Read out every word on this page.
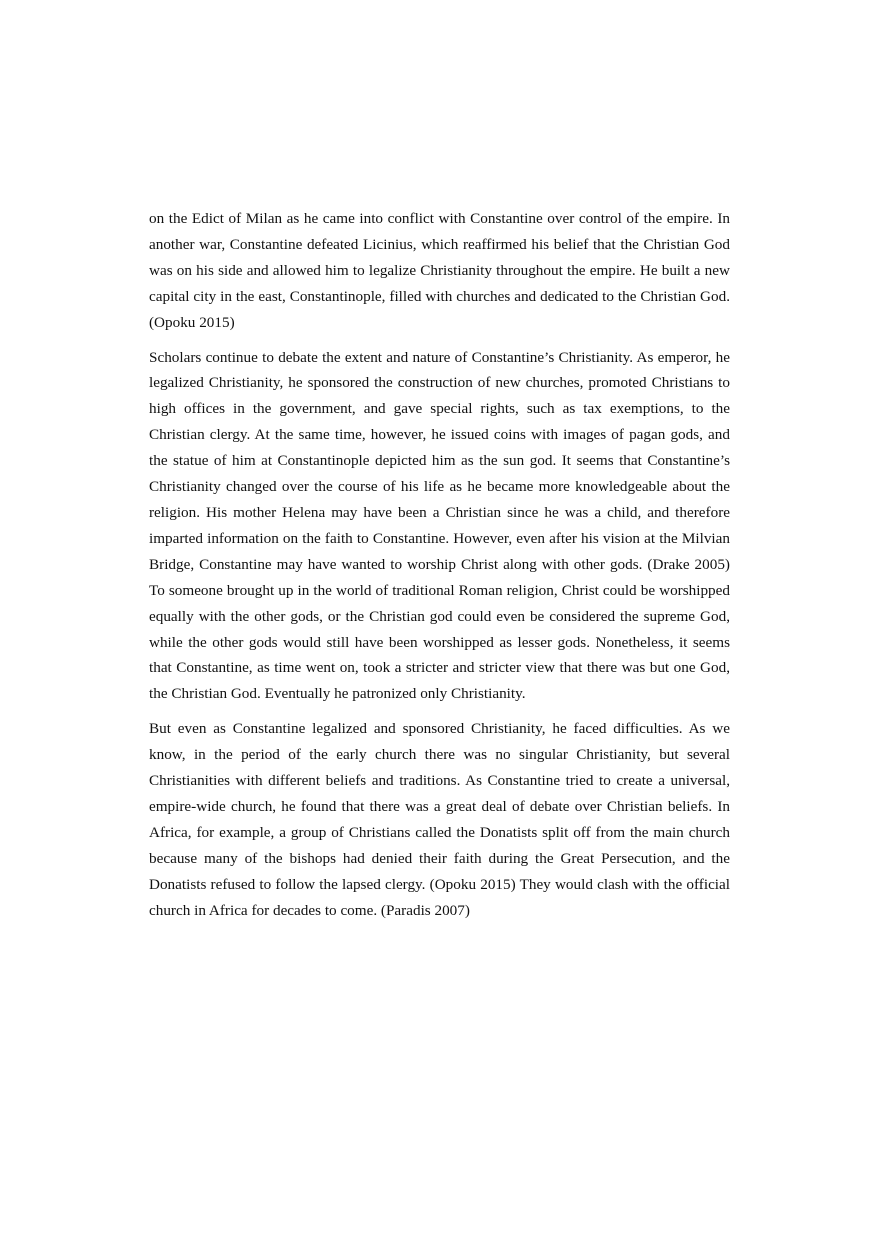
on the Edict of Milan as he came into conflict with Constantine over control of the empire. In another war, Constantine defeated Licinius, which reaffirmed his belief that the Christian God was on his side and allowed him to legalize Christianity throughout the empire. He built a new capital city in the east, Constantinople, filled with churches and dedicated to the Christian God. (Opoku 2015)

Scholars continue to debate the extent and nature of Constantine’s Christianity. As emperor, he legalized Christianity, he sponsored the construction of new churches, promoted Christians to high offices in the government, and gave special rights, such as tax exemptions, to the Christian clergy. At the same time, however, he issued coins with images of pagan gods, and the statue of him at Constantinople depicted him as the sun god. It seems that Constantine’s Christianity changed over the course of his life as he became more knowledgeable about the religion. His mother Helena may have been a Christian since he was a child, and therefore imparted information on the faith to Constantine. However, even after his vision at the Milvian Bridge, Constantine may have wanted to worship Christ along with other gods. (Drake 2005) To someone brought up in the world of traditional Roman religion, Christ could be worshipped equally with the other gods, or the Christian god could even be considered the supreme God, while the other gods would still have been worshipped as lesser gods. Nonetheless, it seems that Constantine, as time went on, took a stricter and stricter view that there was but one God, the Christian God. Eventually he patronized only Christianity.

But even as Constantine legalized and sponsored Christianity, he faced difficulties. As we know, in the period of the early church there was no singular Christianity, but several Christianities with different beliefs and traditions. As Constantine tried to create a universal, empire-wide church, he found that there was a great deal of debate over Christian beliefs. In Africa, for example, a group of Christians called the Donatists split off from the main church because many of the bishops had denied their faith during the Great Persecution, and the Donatists refused to follow the lapsed clergy. (Opoku 2015) They would clash with the official church in Africa for decades to come. (Paradis 2007)
